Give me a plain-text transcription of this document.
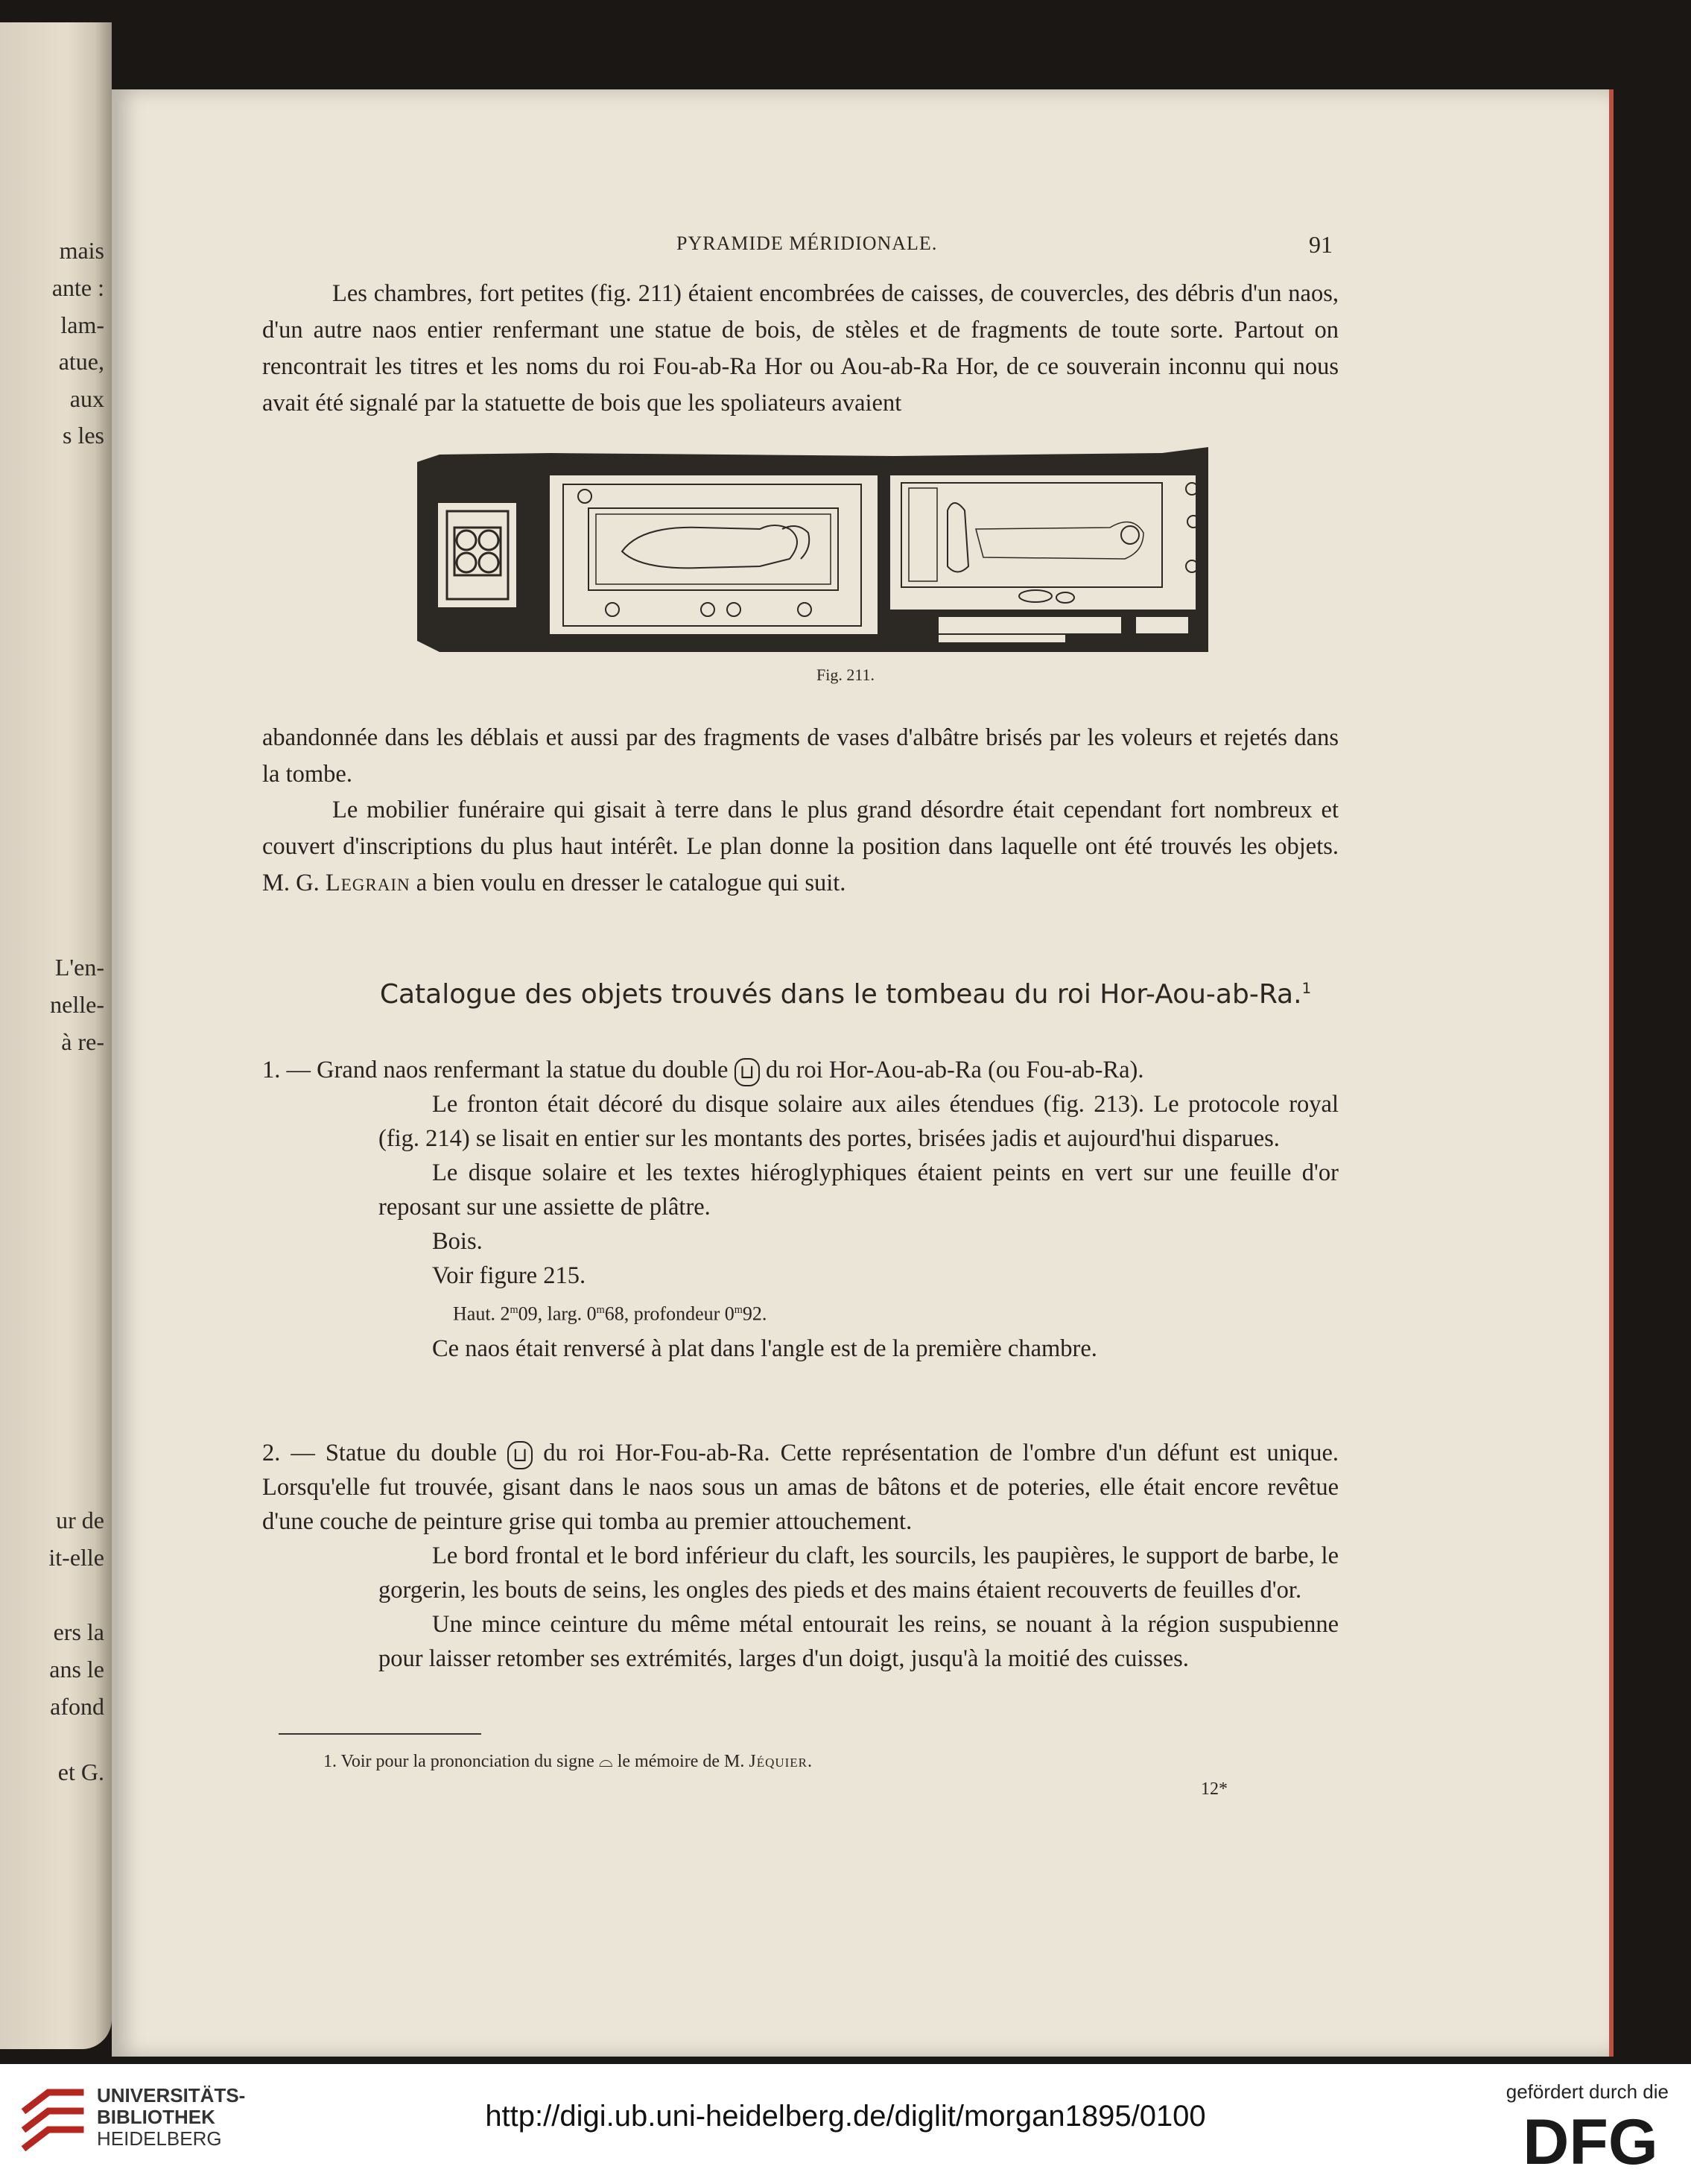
mais
ante :
lam-
atue,
aux
s les
L'en-
nelle-
à re-
ur de
it-elle
ers la
ans le
afond
et G.
PYRAMIDE MÉRIDIONALE.	91
Les chambres, fort petites (fig. 211) étaient encombrées de caisses, de couvercles, des débris d'un naos, d'un autre naos entier renfermant une statue de bois, de stèles et de fragments de toute sorte. Partout on rencontrait les titres et les noms du roi Fou-ab-Ra Hor ou Aou-ab-Ra Hor, de ce souverain inconnu qui nous avait été signalé par la statuette de bois que les spoliateurs avaient
Fig. 211.
abandonnée dans les déblais et aussi par des fragments de vases d'albâtre brisés par les voleurs et rejetés dans la tombe.
Le mobilier funéraire qui gisait à terre dans le plus grand désordre était cependant fort nombreux et couvert d'inscriptions du plus haut intérêt. Le plan donne la position dans laquelle ont été trouvés les objets. M. G. Legrain a bien voulu en dresser le catalogue qui suit.
Catalogue des objets trouvés dans le tombeau du roi Hor-Aou-ab-Ra.$^1$
1. — Grand naos renfermant la statue du double ⊔ du roi Hor-Aou-ab-Ra (ou Fou-ab-Ra).
Le fronton était décoré du disque solaire aux ailes étendues (fig. 213). Le protocole royal (fig. 214) se lisait en entier sur les montants des portes, brisées jadis et aujourd'hui disparues.
Le disque solaire et les textes hiéroglyphiques étaient peints en vert sur une feuille d'or reposant sur une assiette de plâtre.
Bois.
Voir figure 215.
Haut. 2$^m$09, larg. 0$^m$68, profondeur 0$^m$92.
Ce naos était renversé à plat dans l'angle est de la première chambre.
2. — Statue du double ⊔ du roi Hor-Fou-ab-Ra. Cette représentation de l'ombre d'un défunt est unique. Lorsqu'elle fut trouvée, gisant dans le naos sous un amas de bâtons et de poteries, elle était encore revêtue d'une couche de peinture grise qui tomba au premier attouchement.
Le bord frontal et le bord inférieur du claft, les sourcils, les paupières, le support de barbe, le gorgerin, les bouts de seins, les ongles des pieds et des mains étaient recouverts de feuilles d'or.
Une mince ceinture du même métal entourait les reins, se nouant à la région suspubienne pour laisser retomber ses extrémités, larges d'un doigt, jusqu'à la moitié des cuisses.
1. Voir pour la prononciation du signe ⌓ le mémoire de M. Jéquier.
12*
UNIVERSITÄTS-
BIBLIOTHEK
HEIDELBERG
http://digi.ub.uni-heidelberg.de/diglit/morgan1895/0100
gefördert durch die
DFG
